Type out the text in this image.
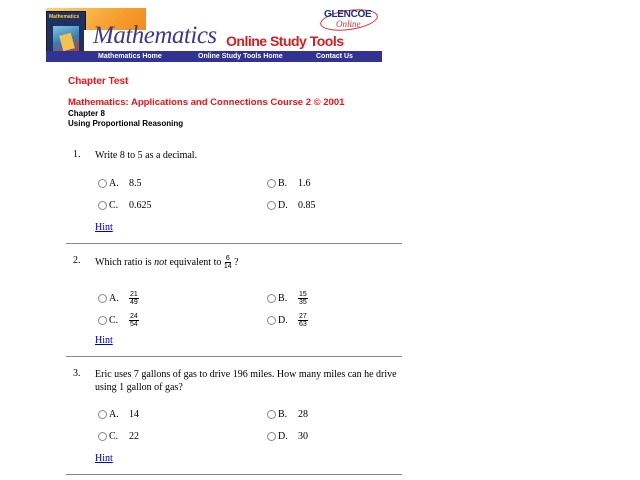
Mathematics
Mathematics Online Study Tools
GLENCOE
Online
Mathematics Home	Online Study Tools Home	Contact Us

Chapter Test

Mathematics: Applications and Connections Course 2 © 2001

Chapter 8

Using Proportional Reasoning

1. Write 8 to 5 as a decimal.
A.	8.5	B.	1.6
C.	0.625	D.	0.85
Hint
2. Which ratio is not equivalent to $\frac{6}{14}$ ?
A.	$\frac{21}{49}$	B.	$\frac{15}{35}$
C.	$\frac{24}{54}$	D.	$\frac{27}{63}$
Hint
3. Eric uses 7 gallons of gas to drive 196 miles. How many miles can he drive using 1 gallon of gas?
A.	14	B.	28
C.	22	D.	30
Hint
